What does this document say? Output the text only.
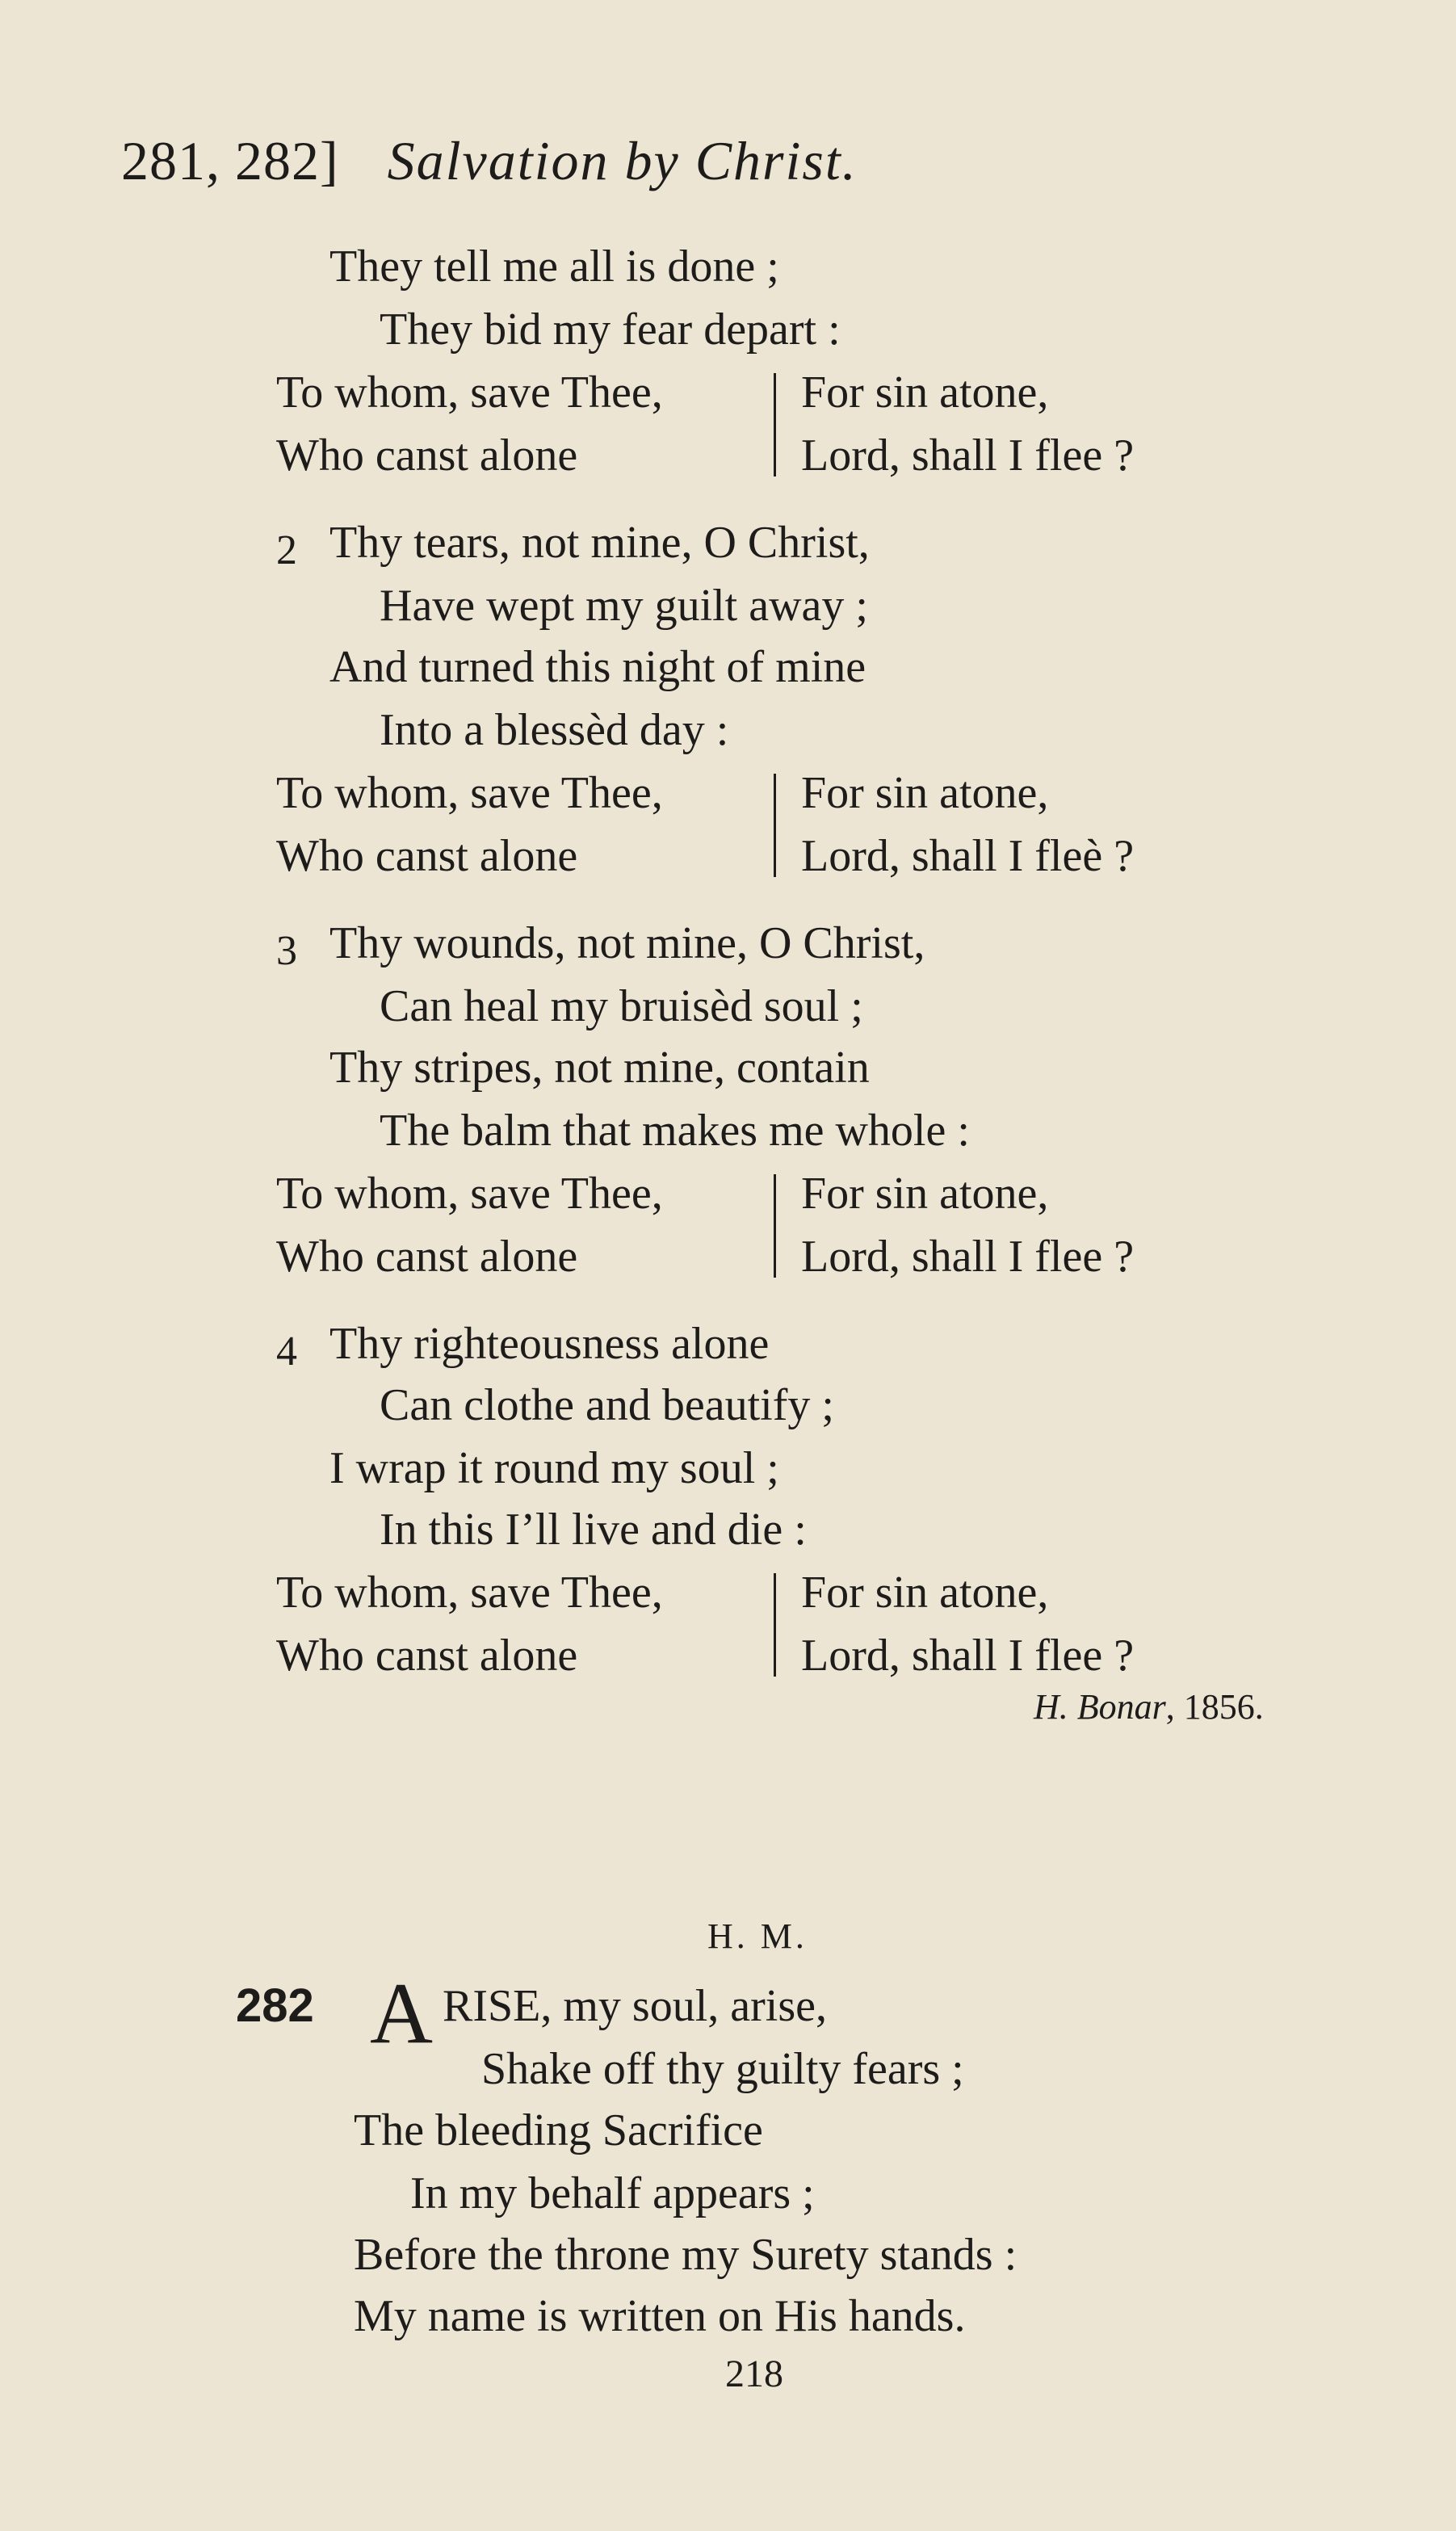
281, 282] Salvation by Christ.
They tell me all is done ;
They bid my fear depart :
To whom, save Thee,
Who canst alone
For sin atone,
Lord, shall I flee ?
2 Thy tears, not mine, O Christ,
Have wept my guilt away ;
And turned this night of mine
Into a blessèd day :
To whom, save Thee,
Who canst alone
For sin atone,
Lord, shall I fleè ?
3 Thy wounds, not mine, O Christ,
Can heal my bruisèd soul ;
Thy stripes, not mine, contain
The balm that makes me whole :
To whom, save Thee,
Who canst alone
For sin atone,
Lord, shall I flee ?
4 Thy righteousness alone
Can clothe and beautify ;
I wrap it round my soul ;
In this I’ll live and die :
To whom, save Thee,
Who canst alone
For sin atone,
Lord, shall I flee ?
H. Bonar, 1856.
H. M.
282 A RISE, my soul, arise,
Shake off thy guilty fears ;
The bleeding Sacrifice
In my behalf appears ;
Before the throne my Surety stands :
My name is written on His hands.
218
